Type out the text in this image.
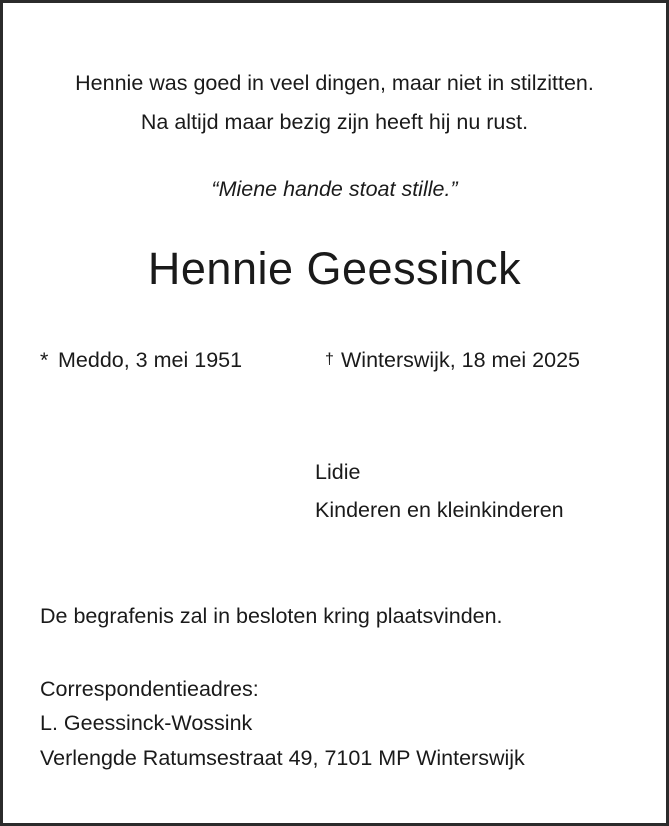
Hennie was goed in veel dingen, maar niet in stilzitten.
Na altijd maar bezig zijn heeft hij nu rust.
“Miene hande stoat stille.”
Hennie Geessinck
* Meddo, 3 mei 1951	† Winterswijk, 18 mei 2025
Lidie
Kinderen en kleinkinderen
De begrafenis zal in besloten kring plaatsvinden.
Correspondentieadres:
L. Geessinck-Wossink
Verlengde Ratumsestraat 49, 7101 MP Winterswijk
